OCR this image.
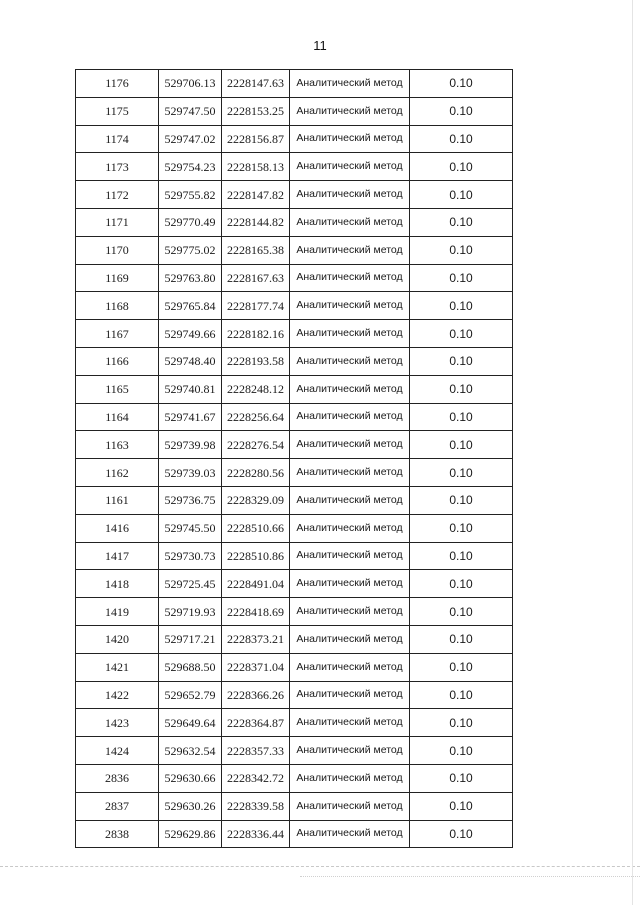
11
1176	529706.13	2228147.63	Аналитический метод	0.10
1175	529747.50	2228153.25	Аналитический метод	0.10
1174	529747.02	2228156.87	Аналитический метод	0.10
1173	529754.23	2228158.13	Аналитический метод	0.10
1172	529755.82	2228147.82	Аналитический метод	0.10
1171	529770.49	2228144.82	Аналитический метод	0.10
1170	529775.02	2228165.38	Аналитический метод	0.10
1169	529763.80	2228167.63	Аналитический метод	0.10
1168	529765.84	2228177.74	Аналитический метод	0.10
1167	529749.66	2228182.16	Аналитический метод	0.10
1166	529748.40	2228193.58	Аналитический метод	0.10
1165	529740.81	2228248.12	Аналитический метод	0.10
1164	529741.67	2228256.64	Аналитический метод	0.10
1163	529739.98	2228276.54	Аналитический метод	0.10
1162	529739.03	2228280.56	Аналитический метод	0.10
1161	529736.75	2228329.09	Аналитический метод	0.10
1416	529745.50	2228510.66	Аналитический метод	0.10
1417	529730.73	2228510.86	Аналитический метод	0.10
1418	529725.45	2228491.04	Аналитический метод	0.10
1419	529719.93	2228418.69	Аналитический метод	0.10
1420	529717.21	2228373.21	Аналитический метод	0.10
1421	529688.50	2228371.04	Аналитический метод	0.10
1422	529652.79	2228366.26	Аналитический метод	0.10
1423	529649.64	2228364.87	Аналитический метод	0.10
1424	529632.54	2228357.33	Аналитический метод	0.10
2836	529630.66	2228342.72	Аналитический метод	0.10
2837	529630.26	2228339.58	Аналитический метод	0.10
2838	529629.86	2228336.44	Аналитический метод	0.10
